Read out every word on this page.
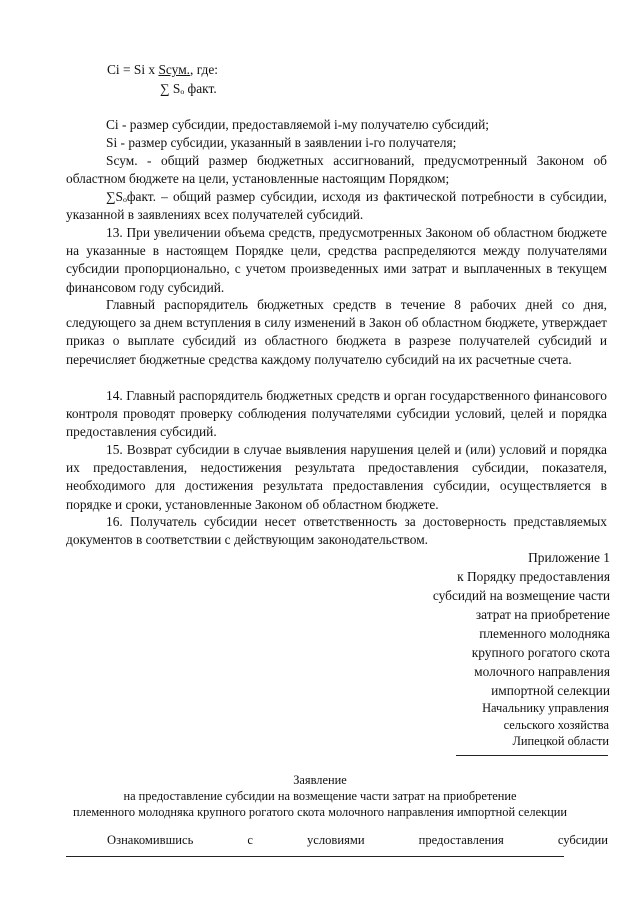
Ci = Si x Sсум., где:
∑ Sₒ факт.

Ci - размер субсидии, предоставляемой i-му получателю субсидий;

Si - размер субсидии, указанный в заявлении i-го получателя;

Sсум. - общий размер бюджетных ассигнований, предусмотренный Законом об областном бюджете на цели, установленные настоящим Порядком;

∑Sₒфакт. – общий размер субсидии, исходя из фактической потребности в субсидии, указанной в заявлениях всех получателей субсидий.

13. При увеличении объема средств, предусмотренных Законом об областном бюджете на указанные в настоящем Порядке цели, средства распределяются между получателями субсидии пропорционально, с учетом произведенных ими затрат и выплаченных в текущем финансовом году субсидий.

Главный распорядитель бюджетных средств в течение 8 рабочих дней со дня, следующего за днем вступления в силу изменений в Закон об областном бюджете, утверждает приказ о выплате субсидий из областного бюджета в разрезе получателей субсидий и перечисляет бюджетные средства каждому получателю субсидий на их расчетные счета.

14. Главный распорядитель бюджетных средств и орган государственного финансового контроля проводят проверку соблюдения получателями субсидии условий, целей и порядка предоставления субсидий.

15. Возврат субсидии в случае выявления нарушения целей и (или) условий и порядка их предоставления, недостижения результата предоставления субсидии, показателя, необходимого для достижения результата предоставления субсидии, осуществляется в порядке и сроки, установленные Законом об областном бюджете.

16. Получатель субсидии несет ответственность за достоверность представляемых документов в соответствии с действующим законодательством.

Приложение 1
к Порядку предоставления
субсидий на возмещение части
затрат на приобретение
племенного молодняка
крупного рогатого скота
молочного направления
импортной селекции
Начальнику управления
сельского хозяйства
Липецкой области
Заявление
на предоставление субсидии на возмещение части затрат на приобретение
племенного молодняка крупного рогатого скота молочного направления импортной селекции
Ознакомившись	с	условиями	предоставления	субсидии
